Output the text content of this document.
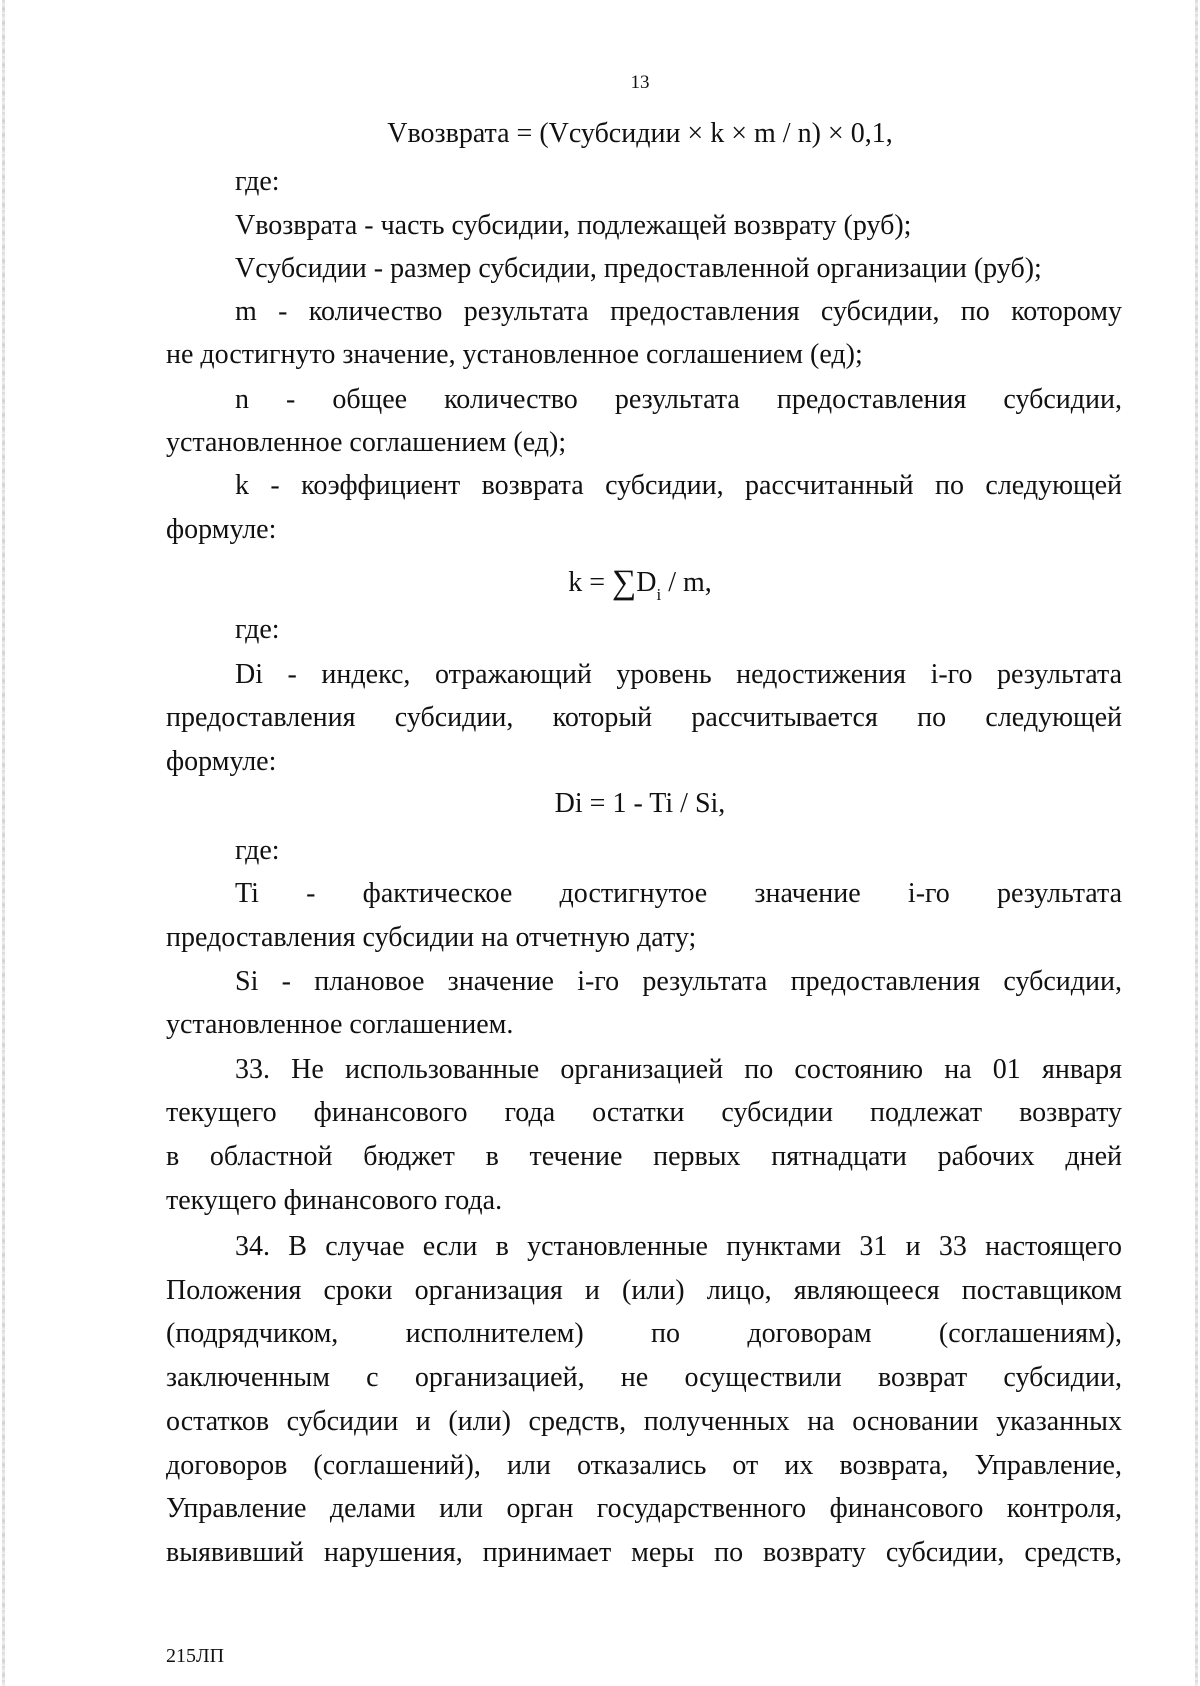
13
Vвозврата = (Vсубсидии × k × m / n) × 0,1,
где:
Vвозврата - часть субсидии, подлежащей возврату (руб);
Vсубсидии - размер субсидии, предоставленной организации (руб);
m - количество результата предоставления субсидии, по которому
не достигнуто значение, установленное соглашением (ед);
n - общее количество результата предоставления субсидии,
установленное соглашением (ед);
k - коэффициент возврата субсидии, рассчитанный по следующей
формуле:
$k = \sum D_i / m$,
где:
Di - индекс, отражающий уровень недостижения i-го результата
предоставления субсидии, который рассчитывается по следующей
формуле:
Di = 1 - Ti / Si,
где:
Ti - фактическое достигнутое значение i-го результата
предоставления субсидии на отчетную дату;
Si - плановое значение i-го результата предоставления субсидии,
установленное соглашением.
33. Не использованные организацией по состоянию на 01 января
текущего финансового года остатки субсидии подлежат возврату
в областной бюджет в течение первых пятнадцати рабочих дней
текущего финансового года.
34. В случае если в установленные пунктами 31 и 33 настоящего
Положения сроки организация и (или) лицо, являющееся поставщиком
(подрядчиком, исполнителем) по договорам (соглашениям),
заключенным с организацией, не осуществили возврат субсидии,
остатков субсидии и (или) средств, полученных на основании указанных
договоров (соглашений), или отказались от их возврата, Управление,
Управление делами или орган государственного финансового контроля,
выявивший нарушения, принимает меры по возврату субсидии, средств,
215ЛП
